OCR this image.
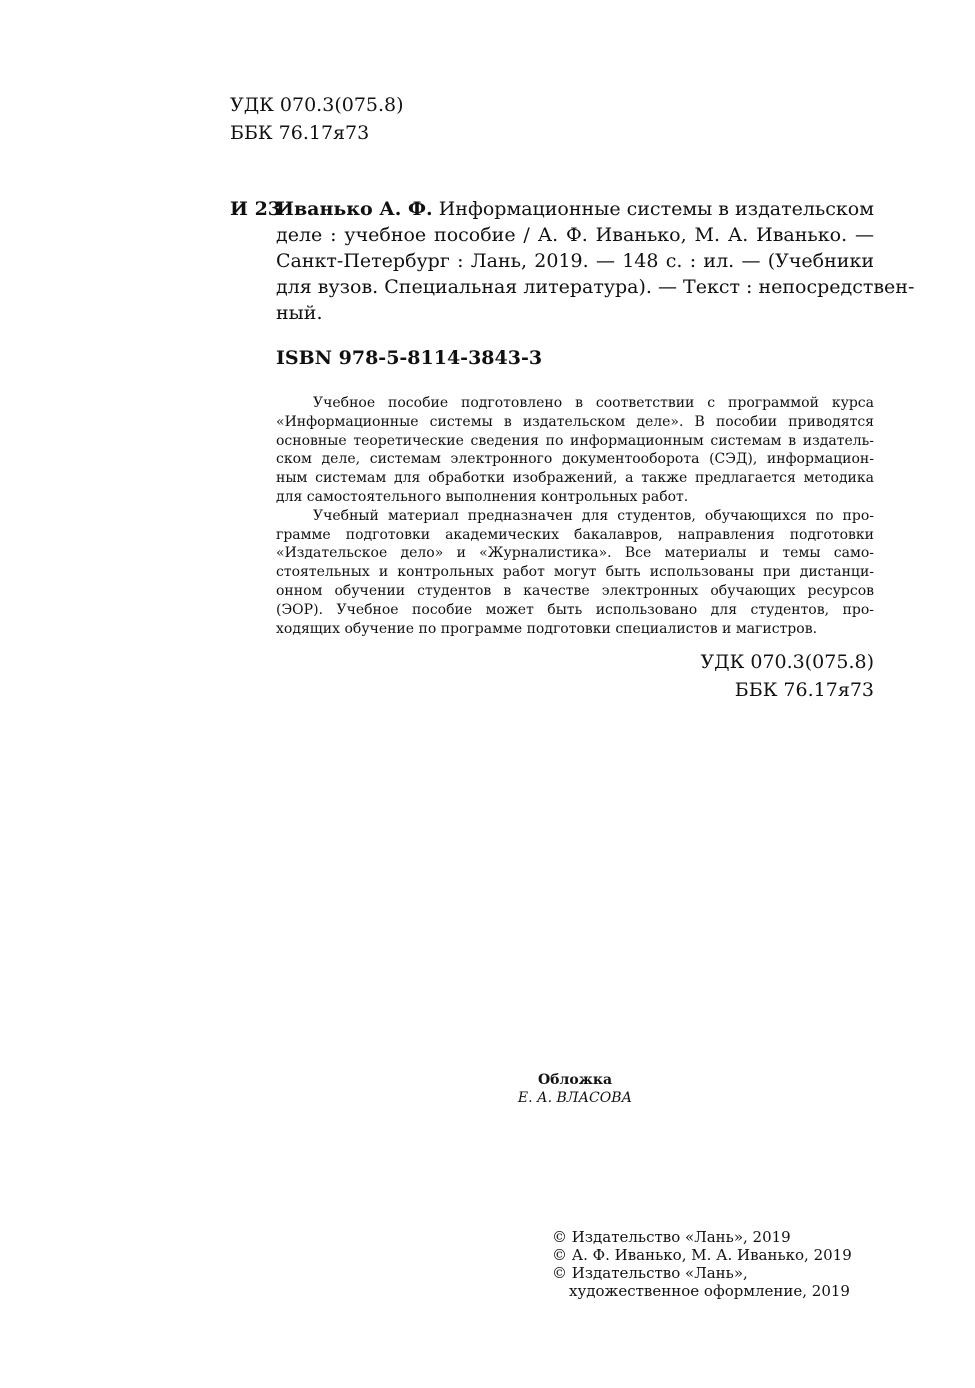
УДК 070.3(075.8)
ББК 76.17я73
И 23
Иванько А. Ф. Информационные системы в издательском
деле : учебное пособие / А. Ф. Иванько, М. А. Иванько. —
Санкт-Петербург : Лань, 2019. — 148 с. : ил. — (Учебники
для вузов. Специальная литература). — Текст : непосредствен-
ный.
ISBN 978-5-8114-3843-3
Учебное пособие подготовлено в соответствии с программой курса
«Информационные системы в издательском деле». В пособии приводятся
основные теоретические сведения по информационным системам в издатель-
ском деле, системам электронного документооборота (СЭД), информацион-
ным системам для обработки изображений, а также предлагается методика
для самостоятельного выполнения контрольных работ.
Учебный материал предназначен для студентов, обучающихся по про-
грамме подготовки академических бакалавров, направления подготовки
«Издательское дело» и «Журналистика». Все материалы и темы само-
стоятельных и контрольных работ могут быть использованы при дистанци-
онном обучении студентов в качестве электронных обучающих ресурсов
(ЭОР). Учебное пособие может быть использовано для студентов, про-
ходящих обучение по программе подготовки специалистов и магистров.
УДК 070.3(075.8)
ББК 76.17я73
Обложка
Е. А. ВЛАСОВА
© Издательство «Лань», 2019
© А. Ф. Иванько, М. А. Иванько, 2019
© Издательство «Лань»,
художественное оформление, 2019
